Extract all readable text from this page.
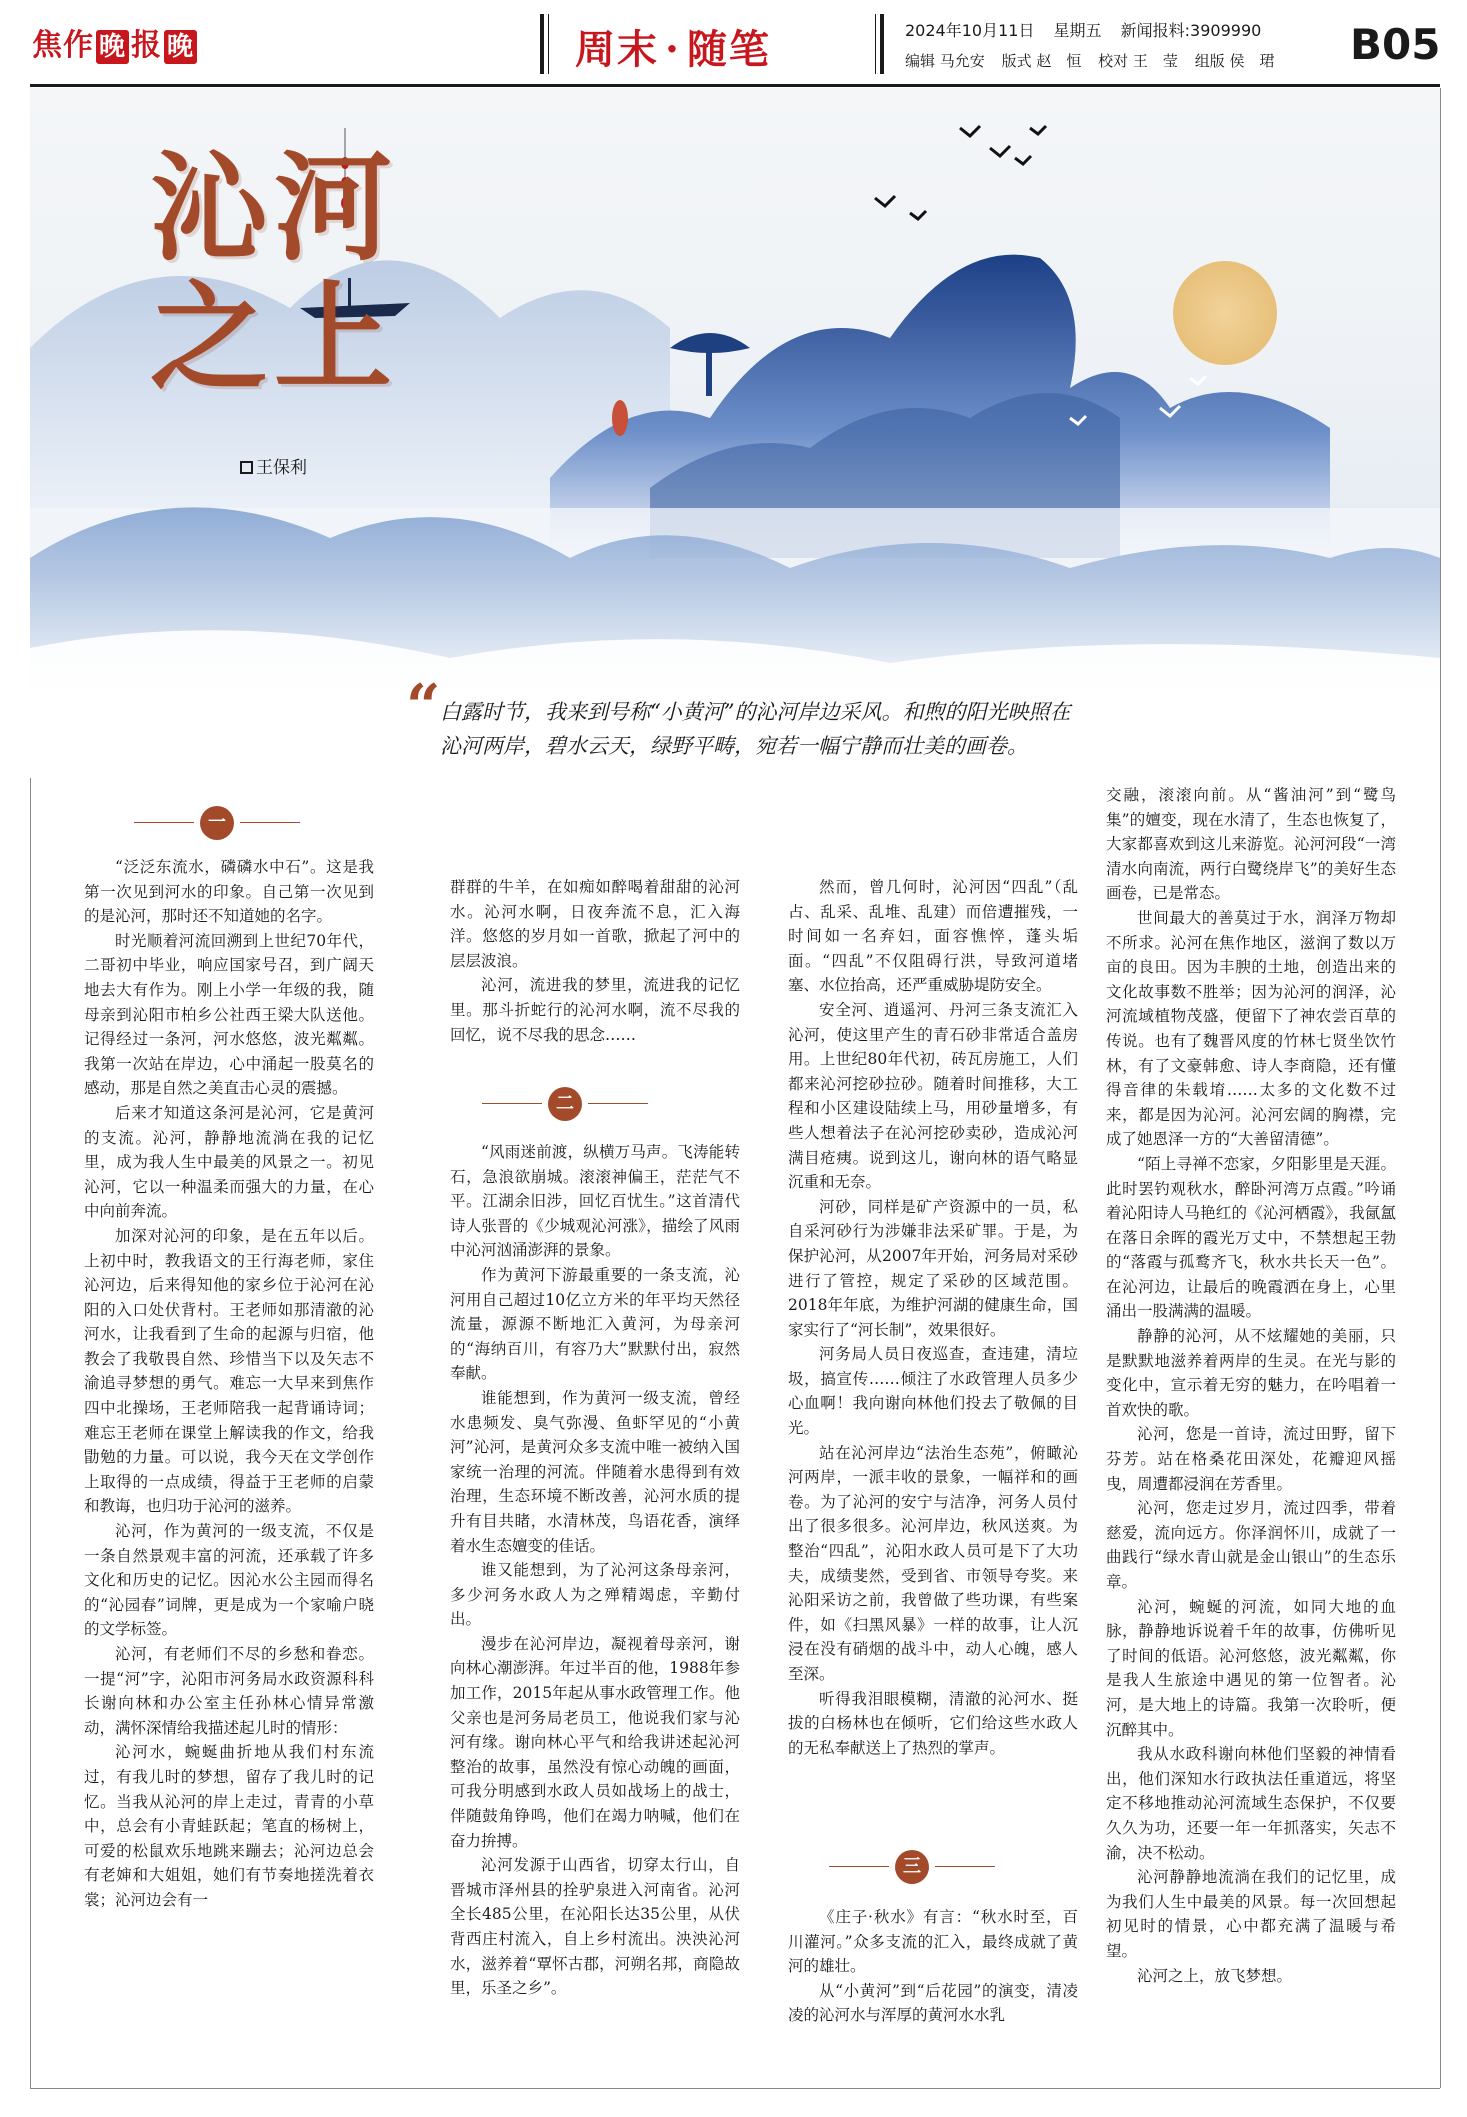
焦作 晚 报 晚	周末 · 随笔	2024年10月11日 星期五 新闻报料:3909990
编辑 马允安 版式 赵　恒 校对 王　莹 组版 侯　珺 B05
沁河
之上
王保利
“ 白露时节，我来到号称“小黄河”的沁河岸边采风。和煦的阳光映照在沁河两岸，碧水云天，绿野平畴，宛若一幅宁静而壮美的画卷。
一

“泛泛东流水，磷磷水中石”。这是我第一次见到河水的印象。自己第一次见到的是沁河，那时还不知道她的名字。

时光顺着河流回溯到上世纪70年代，二哥初中毕业，响应国家号召，到广阔天地去大有作为。刚上小学一年级的我，随母亲到沁阳市柏乡公社西王梁大队送他。记得经过一条河，河水悠悠，波光粼粼。我第一次站在岸边，心中涌起一股莫名的感动，那是自然之美直击心灵的震撼。

后来才知道这条河是沁河，它是黄河的支流。沁河，静静地流淌在我的记忆里，成为我人生中最美的风景之一。初见沁河，它以一种温柔而强大的力量，在心中向前奔流。

加深对沁河的印象，是在五年以后。上初中时，教我语文的王行海老师，家住沁河边，后来得知他的家乡位于沁河在沁阳的入口处伏背村。王老师如那清澈的沁河水，让我看到了生命的起源与归宿，他教会了我敬畏自然、珍惜当下以及矢志不渝追寻梦想的勇气。难忘一大早来到焦作四中北操场，王老师陪我一起背诵诗词；难忘王老师在课堂上解读我的作文，给我勖勉的力量。可以说，我今天在文学创作上取得的一点成绩，得益于王老师的启蒙和教诲，也归功于沁河的滋养。

沁河，作为黄河的一级支流，不仅是一条自然景观丰富的河流，还承载了许多文化和历史的记忆。因沁水公主园而得名的“沁园春”词牌，更是成为一个家喻户晓的文学标签。

沁河，有老师们不尽的乡愁和眷恋。一提“河”字，沁阳市河务局水政资源科科长谢向林和办公室主任孙林心情异常激动，满怀深情给我描述起儿时的情形：

沁河水，蜿蜒曲折地从我们村东流过，有我儿时的梦想，留存了我儿时的记忆。当我从沁河的岸上走过，青青的小草中，总会有小青蛙跃起；笔直的杨树上，可爱的松鼠欢乐地跳来蹦去；沁河边总会有老婶和大姐姐，她们有节奏地搓洗着衣裳；沁河边会有一

群群的牛羊，在如痴如醉喝着甜甜的沁河水。沁河水啊，日夜奔流不息，汇入海洋。悠悠的岁月如一首歌，掀起了河中的层层波浪。

沁河，流进我的梦里，流进我的记忆里。那斗折蛇行的沁河水啊，流不尽我的回忆，说不尽我的思念……

二

“风雨迷前渡，纵横万马声。飞涛能转石，急浪欲崩城。滚滚神偏王，茫茫气不平。江湖余旧涉，回忆百忧生。”这首清代诗人张晋的《少城观沁河涨》，描绘了风雨中沁河汹涌澎湃的景象。

作为黄河下游最重要的一条支流，沁河用自己超过10亿立方米的年平均天然径流量，源源不断地汇入黄河，为母亲河的“海纳百川，有容乃大”默默付出，寂然奉献。

谁能想到，作为黄河一级支流，曾经水患频发、臭气弥漫、鱼虾罕见的“小黄河”沁河，是黄河众多支流中唯一被纳入国家统一治理的河流。伴随着水患得到有效治理，生态环境不断改善，沁河水质的提升有目共睹，水清林茂，鸟语花香，演绎着水生态嬗变的佳话。

谁又能想到，为了沁河这条母亲河，多少河务水政人为之殚精竭虑，辛勤付出。

漫步在沁河岸边，凝视着母亲河，谢向林心潮澎湃。年过半百的他，1988年参加工作，2015年起从事水政管理工作。他父亲也是河务局老员工，他说我们家与沁河有缘。谢向林心平气和给我讲述起沁河整治的故事，虽然没有惊心动魄的画面，可我分明感到水政人员如战场上的战士，伴随鼓角铮鸣，他们在竭力呐喊，他们在奋力拚搏。

沁河发源于山西省，切穿太行山，自晋城市泽州县的拴驴泉进入河南省。沁河全长485公里，在沁阳长达35公里，从伏背西庄村流入，自上乡村流出。泱泱沁河水，滋养着“覃怀古郡，河朔名邦，商隐故里，乐圣之乡”。

然而，曾几何时，沁河因“四乱”（乱占、乱采、乱堆、乱建）而倍遭摧残，一时间如一名弃妇，面容憔悴，蓬头垢面。“四乱”不仅阻碍行洪，导致河道堵塞、水位抬高，还严重威胁堤防安全。

安全河、逍遥河、丹河三条支流汇入沁河，使这里产生的青石砂非常适合盖房用。上世纪80年代初，砖瓦房施工，人们都来沁河挖砂拉砂。随着时间推移，大工程和小区建设陆续上马，用砂量增多，有些人想着法子在沁河挖砂卖砂，造成沁河满目疮痍。说到这儿，谢向林的语气略显沉重和无奈。

河砂，同样是矿产资源中的一员，私自采河砂行为涉嫌非法采矿罪。于是，为保护沁河，从2007年开始，河务局对采砂进行了管控，规定了采砂的区域范围。2018年年底，为维护河湖的健康生命，国家实行了“河长制”，效果很好。

河务局人员日夜巡查，查违建，清垃圾，搞宣传……倾注了水政管理人员多少心血啊！我向谢向林他们投去了敬佩的目光。

站在沁河岸边“法治生态苑”，俯瞰沁河两岸，一派丰收的景象，一幅祥和的画卷。为了沁河的安宁与洁净，河务人员付出了很多很多。沁河岸边，秋风送爽。为整治“四乱”，沁阳水政人员可是下了大功夫，成绩斐然，受到省、市领导夸奖。来沁阳采访之前，我曾做了些功课，有些案件，如《扫黑风暴》一样的故事，让人沉浸在没有硝烟的战斗中，动人心魄，感人至深。

听得我泪眼模糊，清澈的沁河水、挺拔的白杨林也在倾听，它们给这些水政人的无私奉献送上了热烈的掌声。

三

《庄子·秋水》有言：“秋水时至，百川灌河。”众多支流的汇入，最终成就了黄河的雄壮。

从“小黄河”到“后花园”的演变，清凌凌的沁河水与浑厚的黄河水水乳

交融，滚滚向前。从“酱油河”到“鹭鸟集”的嬗变，现在水清了，生态也恢复了，大家都喜欢到这儿来游览。沁河河段“一湾清水向南流，两行白鹭绕岸飞”的美好生态画卷，已是常态。

世间最大的善莫过于水，润泽万物却不所求。沁河在焦作地区，滋润了数以万亩的良田。因为丰腴的土地，创造出来的文化故事数不胜举；因为沁河的润泽，沁河流域植物茂盛，便留下了神农尝百草的传说。也有了魏晋风度的竹林七贤坐饮竹林，有了文豪韩愈、诗人李商隐，还有懂得音律的朱载堉……太多的文化数不过来，都是因为沁河。沁河宏阔的胸襟，完成了她恩泽一方的“大善留清德”。

“陌上寻禅不恋家，夕阳影里是天涯。此时罢钓观秋水，醉卧河湾万点霞。”吟诵着沁阳诗人马艳红的《沁河栖霞》，我氤氲在落日余晖的霞光万丈中，不禁想起王勃的“落霞与孤鹜齐飞，秋水共长天一色”。在沁河边，让最后的晚霞洒在身上，心里涌出一股满满的温暖。

静静的沁河，从不炫耀她的美丽，只是默默地滋养着两岸的生灵。在光与影的变化中，宣示着无穷的魅力，在吟唱着一首欢快的歌。

沁河，您是一首诗，流过田野，留下芬芳。站在格桑花田深处，花瓣迎风摇曳，周遭都浸润在芳香里。

沁河，您走过岁月，流过四季，带着慈爱，流向远方。你泽润怀川，成就了一曲践行“绿水青山就是金山银山”的生态乐章。

沁河，蜿蜒的河流，如同大地的血脉，静静地诉说着千年的故事，仿佛听见了时间的低语。沁河悠悠，波光粼粼，你是我人生旅途中遇见的第一位智者。沁河，是大地上的诗篇。我第一次聆听，便沉醉其中。

我从水政科谢向林他们坚毅的神情看出，他们深知水行政执法任重道远，将坚定不移地推动沁河流域生态保护，不仅要久久为功，还要一年一年抓落实，矢志不渝，决不松动。

沁河静静地流淌在我们的记忆里，成为我们人生中最美的风景。每一次回想起初见时的情景，心中都充满了温暖与希望。

沁河之上，放飞梦想。
